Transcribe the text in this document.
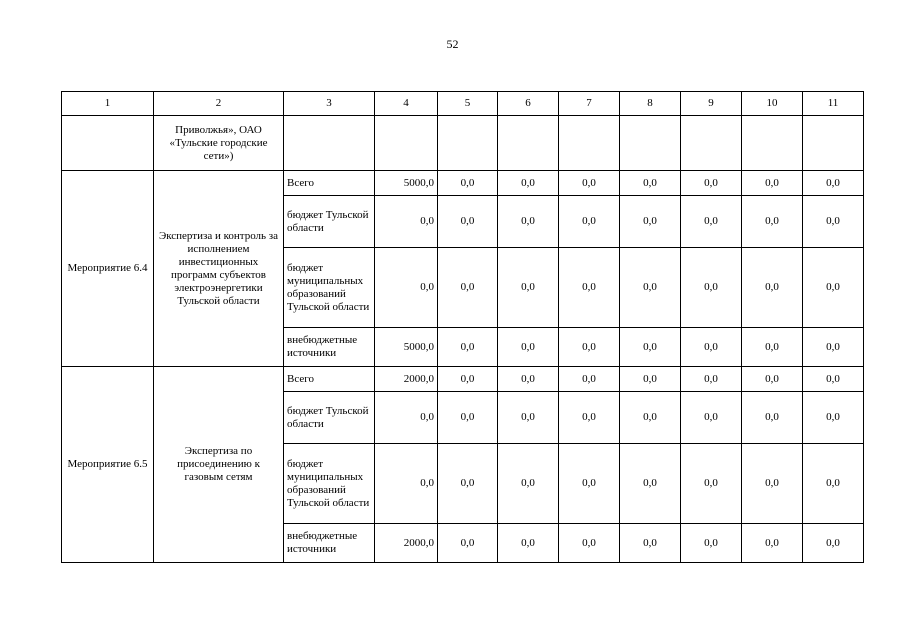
52
1	2	3	4	5	6	7	8	9	10	11
	Приволжья», ОАО «Тульские городские сети»)									
Мероприятие 6.4	Экспертиза и контроль за исполнением инвестиционных программ субъектов электроэнергетики Тульской области	Всего	5000,0	0,0	0,0	0,0	0,0	0,0	0,0	0,0
		бюджет Тульской области	0,0	0,0	0,0	0,0	0,0	0,0	0,0	0,0
		бюджет муниципальных образований Тульской области	0,0	0,0	0,0	0,0	0,0	0,0	0,0	0,0
		внебюджетные источники	5000,0	0,0	0,0	0,0	0,0	0,0	0,0	0,0
Мероприятие 6.5	Экспертиза по присоединению к газовым сетям	Всего	2000,0	0,0	0,0	0,0	0,0	0,0	0,0	0,0
		бюджет Тульской области	0,0	0,0	0,0	0,0	0,0	0,0	0,0	0,0
		бюджет муниципальных образований Тульской области	0,0	0,0	0,0	0,0	0,0	0,0	0,0	0,0
		внебюджетные источники	2000,0	0,0	0,0	0,0	0,0	0,0	0,0	0,0
